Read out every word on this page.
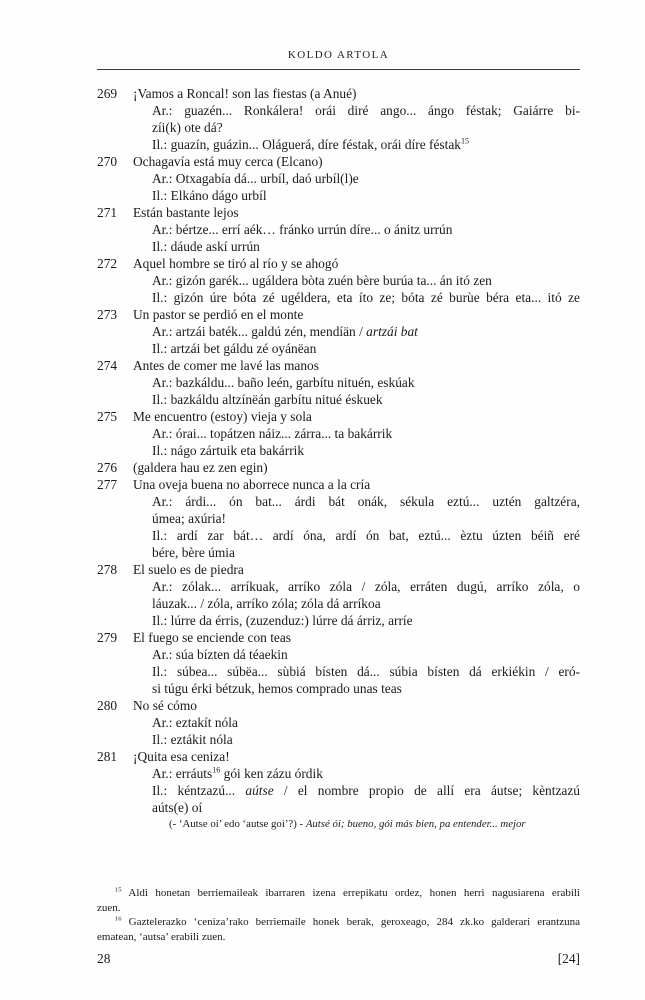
KOLDO ARTOLA
269	¡Vamos a Roncal! son las fiestas (a Anué)
Ar.: guazén... Ronkálera! orái diré ango... ángo féstak; Gaiárre bi-
zíi(k) ote dá?
Il.: guazín, guázin... Oláguerá, díre féstak, orái díre féstak$^{15}$
270	Ochagavía está muy cerca (Elcano)
Ar.: Otxagabía dá... urbíl, daó urbíl(l)e
Il.: Elkáno dágo urbíl
271	Están bastante lejos
Ar.: bértze... errí aék… fránko urrún díre... o ánitz urrún
Il.: dáude askí urrún
272	Aquel hombre se tiró al río y se ahogó
Ar.: gizón garék... ugáldera bòta zuén bère burúa ta... án itó zen
Il.: gizón úre bóta zé ugéldera, eta íto ze; bóta zé burùe béra eta... itó ze
273	Un pastor se perdió en el monte
Ar.: artzái baték... galdú zén, mendíän / artzái bat
Il.: artzái bet gáldu zé oyánëan
274	Antes de comer me lavé las manos
Ar.: bazkáldu... baño leén, garbítu nituén, eskúak
Il.: bazkáldu altzínëán garbítu nitué éskuek
275	Me encuentro (estoy) vieja y sola
Ar.: órai... topátzen náiz... zárra... ta bakárrik
Il.: nágo zártuik eta bakárrik
276	(galdera hau ez zen egin)
277	Una oveja buena no aborrece nunca a la cría
Ar.: árdi... ón bat... árdi bát onák, sékula eztú... uztén galtzéra,
úmea; axúria!
Il.: ardí zar bát… ardí óna, ardí ón bat, eztú... èztu úzten béiñ eré
bére, bère úmia
278	El suelo es de piedra
Ar.: zólak... arríkuak, arríko zóla / zóla, erráten dugú, arríko zóla, o
láuzak... / zóla, arríko zóla; zóla dá arríkoa
Il.: lúrre da érris, (zuzenduz:) lúrre dá árriz, arríe
279	El fuego se enciende con teas
Ar.: súa bízten dá téaekin
Il.: súbea... súbëa... sùbiá bísten dá... súbia bísten dá erkiékin / eró-
si túgu érki bétzuk, hemos comprado unas teas
280	No sé cómo
Ar.: eztakít nóla
Il.: eztákit nóla
281	¡Quita esa ceniza!
Ar.: erráuts$^{16}$ gói ken zázu órdik
Il.: kéntzazú... aútse / el nombre propio de allí era áutse; kèntzazú
aúts(e) oí
(- ‘Autse oi’ edo ‘autse goi’?) - Autsé ói; bueno, gói más bien, pa entender... mejor
$^{15}$ Aldi honetan berriemaileak ibarraren izena errepikatu ordez, honen herri nagusiarena erabili
zuen.
$^{16}$ Gaztelerazko ‘ceniza’rako berriemaile honek berak, geroxeago, 284 zk.ko galderari erantzuna
ematean, ‘autsa’ erabili zuen.
28	[24]
